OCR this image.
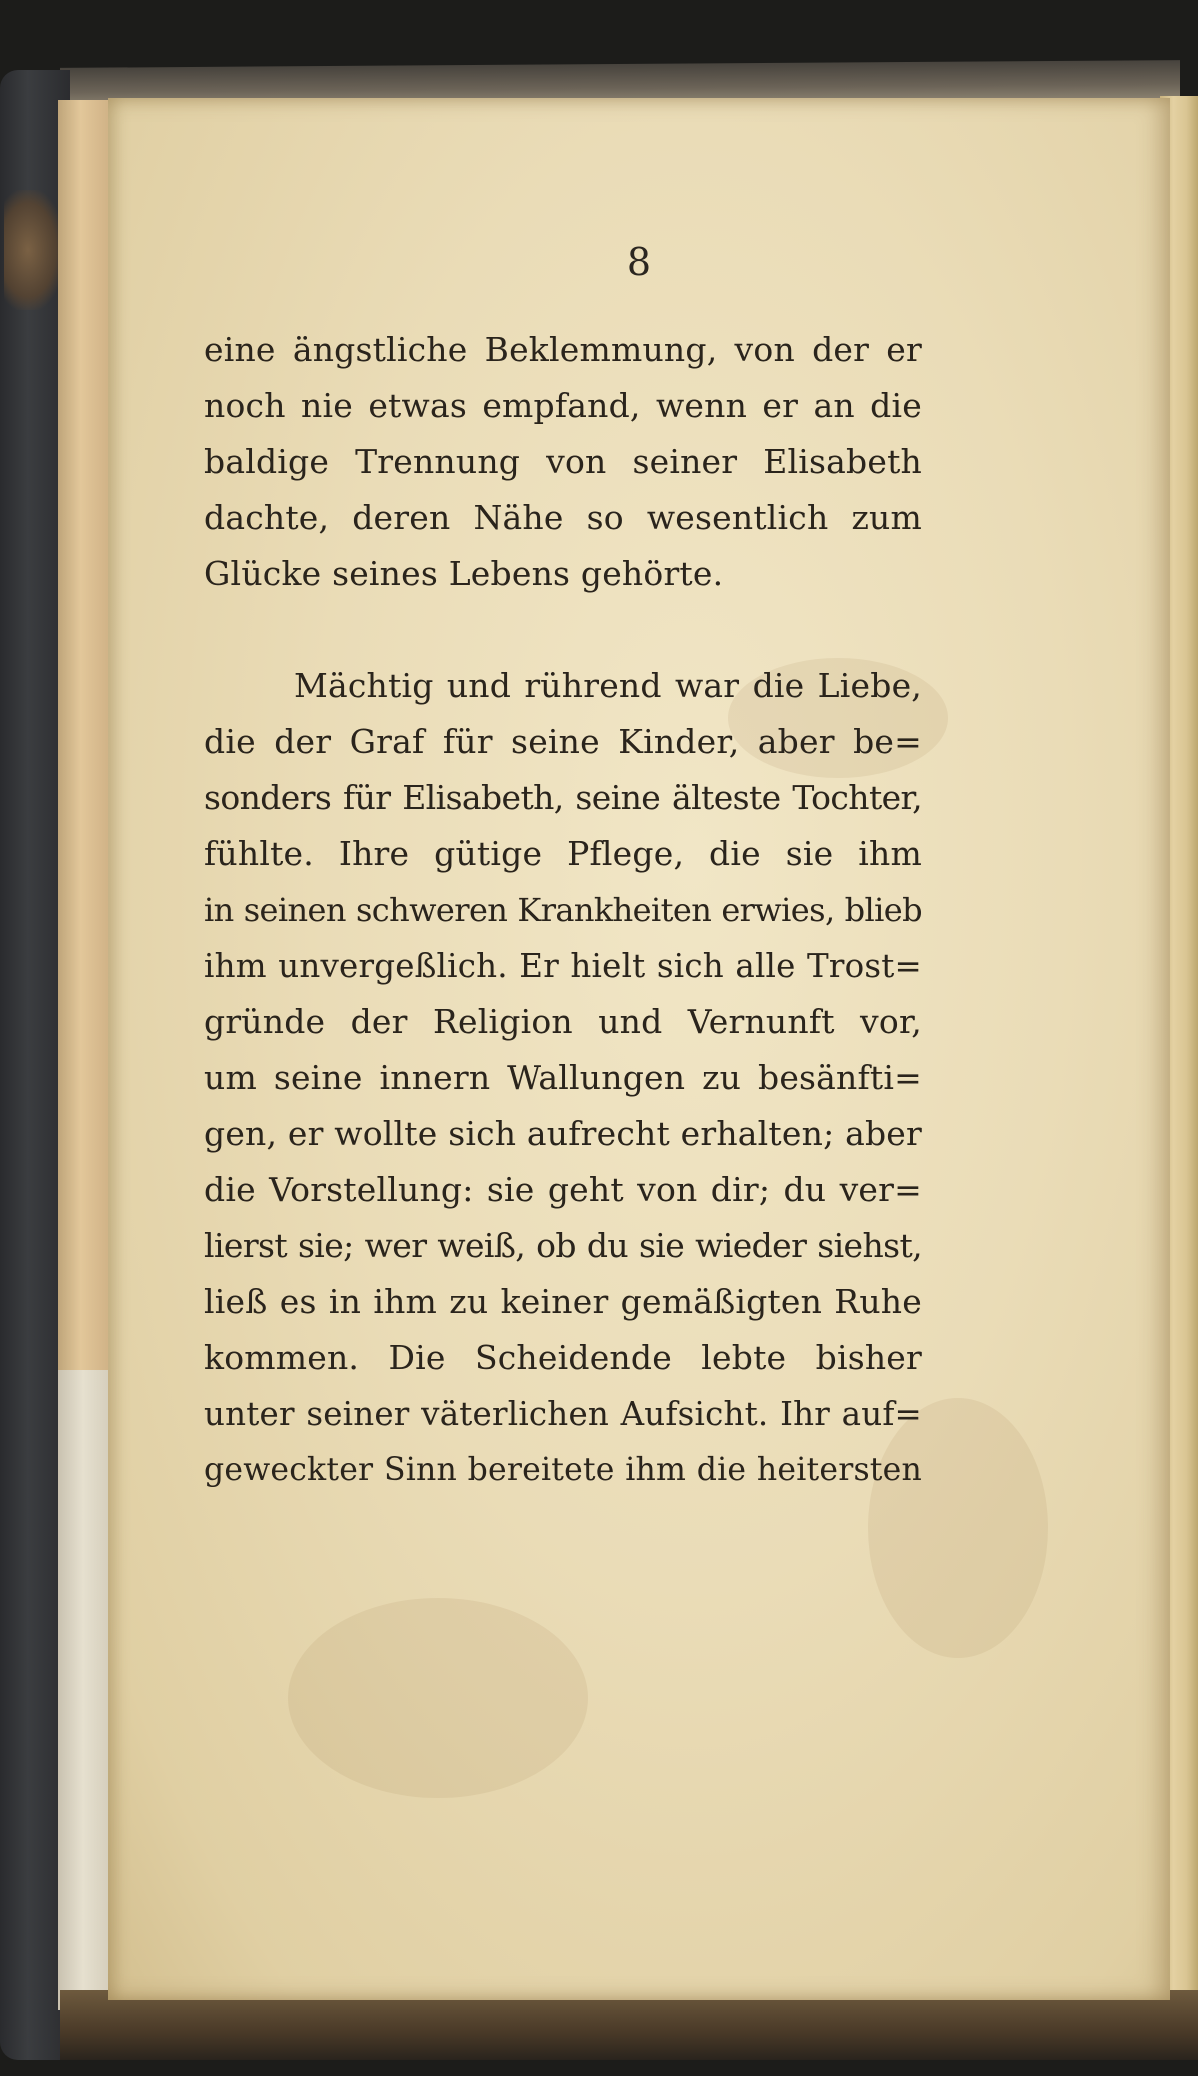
8
eine ängstliche Beklemmung, von der er
noch nie etwas empfand, wenn er an die
baldige Trennung von seiner Elisabeth
dachte, deren Nähe so wesentlich zum
Glücke seines Lebens gehörte.
Mächtig und rührend war die Liebe,
die der Graf für seine Kinder, aber be=
sonders für Elisabeth, seine älteste Tochter,
fühlte. Ihre gütige Pflege, die sie ihm
in seinen schweren Krankheiten erwies, blieb
ihm unvergeßlich. Er hielt sich alle Trost=
gründe der Religion und Vernunft vor,
um seine innern Wallungen zu besänfti=
gen, er wollte sich aufrecht erhalten; aber
die Vorstellung: sie geht von dir; du ver=
lierst sie; wer weiß, ob du sie wieder siehst,
ließ es in ihm zu keiner gemäßigten Ruhe
kommen. Die Scheidende lebte bisher
unter seiner väterlichen Aufsicht. Ihr auf=
geweckter Sinn bereitete ihm die heitersten
